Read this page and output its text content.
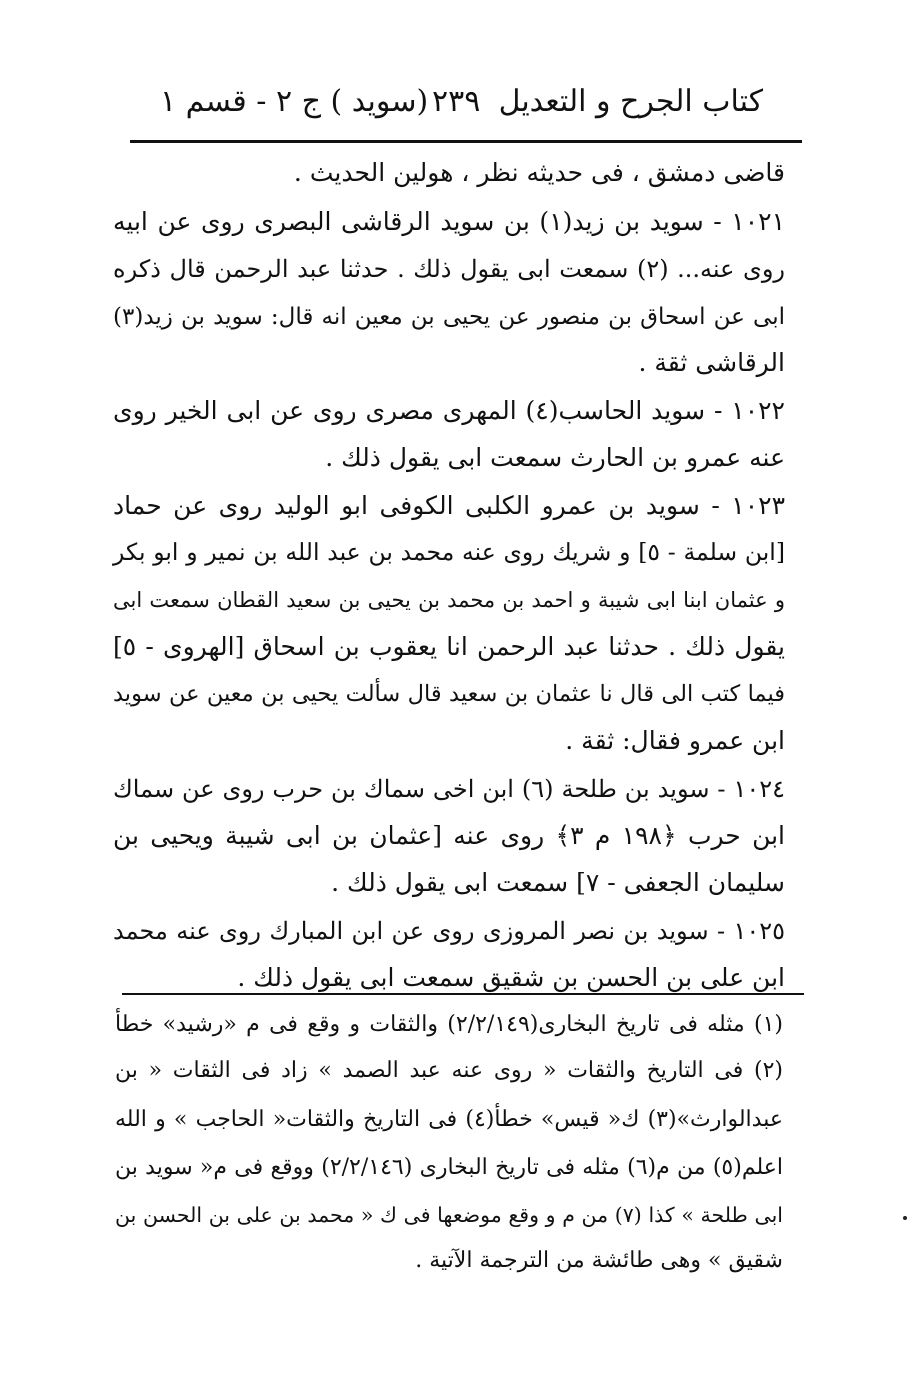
كتاب الجرح و التعديل
٢٣٩
(سويد ) ج ٢ - قسم ١
قاضى دمشق ، فى حديثه نظر ، هولين الحديث .
١٠٢١ - سويد بن زيد(١) بن سويد الرقاشى البصرى روى عن ابيه
روى عنه... (٢) سمعت ابى يقول ذلك . حدثنا عبد الرحمن قال ذكره
ابى عن اسحاق بن منصور عن يحيى بن معين انه قال: سويد بن زيد(٣)
الرقاشى ثقة .
١٠٢٢ - سويد الحاسب(٤) المهرى مصرى روى عن ابى الخير روى
عنه عمرو بن الحارث سمعت ابى يقول ذلك .
١٠٢٣ - سويد بن عمرو الكلبى الكوفى ابو الوليد روى عن حماد
[ابن سلمة - ٥] و شريك روى عنه محمد بن عبد الله بن نمير و ابو بكر
و عثمان ابنا ابى شيبة و احمد بن محمد بن يحيى بن سعيد القطان سمعت ابى
يقول ذلك . حدثنا عبد الرحمن انا يعقوب بن اسحاق [الهروى - ٥]
فيما كتب الى قال نا عثمان بن سعيد قال سألت يحيى بن معين عن سويد
ابن عمرو فقال: ثقة .
١٠٢٤ - سويد بن طلحة (٦) ابن اخى سماك بن حرب روى عن سماك
ابن حرب ﴿١٩٨ م ٣﴾ روى عنه [عثمان بن ابى شيبة ويحيى بن
سليمان الجعفى - ٧] سمعت ابى يقول ذلك .
١٠٢٥ - سويد بن نصر المروزى روى عن ابن المبارك روى عنه محمد
ابن على بن الحسن بن شقيق سمعت ابى يقول ذلك .
(١) مثله فى تاريخ البخارى(٢/٢/١٤٩) والثقات و وقع فى م «رشيد» خطأ
(٢) فى التاريخ والثقات « روى عنه عبد الصمد » زاد فى الثقات « بن
عبدالوارث»(٣) ك« قيس» خطأ(٤) فى التاريخ والثقات« الحاجب » و الله
اعلم(٥) من م(٦) مثله فى تاريخ البخارى (٢/٢/١٤٦) ووقع فى م« سويد بن
ابى طلحة » كذا (٧) من م و وقع موضعها فى ك « محمد بن على بن الحسن بن
شقيق » وهى طائشة من الترجمة الآتية .
